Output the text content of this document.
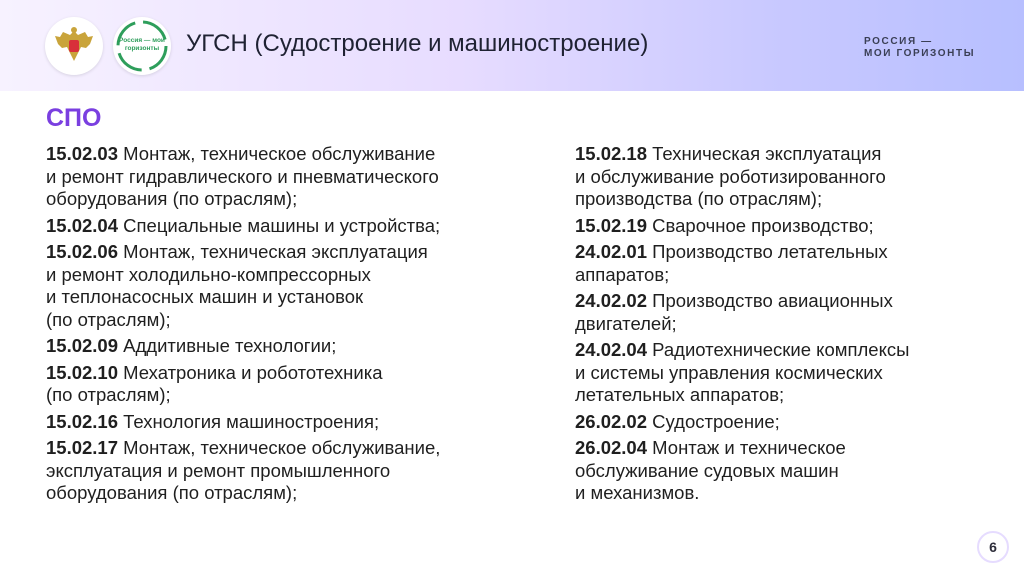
Россия — мои горизонты УГСН (Судостроение и машиностроение)	РОССИЯ —
МОИ ГОРИЗОНТЫ
СПО
15.02.03 Монтаж, техническое обслуживание
и ремонт гидравлического и пневматического
оборудования (по отраслям);
15.02.04 Специальные машины и устройства;
15.02.06 Монтаж, техническая эксплуатация
и ремонт холодильно-компрессорных
и теплонасосных машин и установок
(по отраслям);
15.02.09 Аддитивные технологии;
15.02.10 Мехатроника и робототехника
(по отраслям);
15.02.16 Технология машиностроения;
15.02.17 Монтаж, техническое обслуживание,
эксплуатация и ремонт промышленного
оборудования (по отраслям);
15.02.18 Техническая эксплуатация
и обслуживание роботизированного
производства (по отраслям);
15.02.19 Сварочное производство;
24.02.01 Производство летательных
аппаратов;
24.02.02 Производство авиационных
двигателей;
24.02.04 Радиотехнические комплексы
и системы управления космических
летательных аппаратов;
26.02.02 Судостроение;
26.02.04 Монтаж и техническое
обслуживание судовых машин
и механизмов.
6
